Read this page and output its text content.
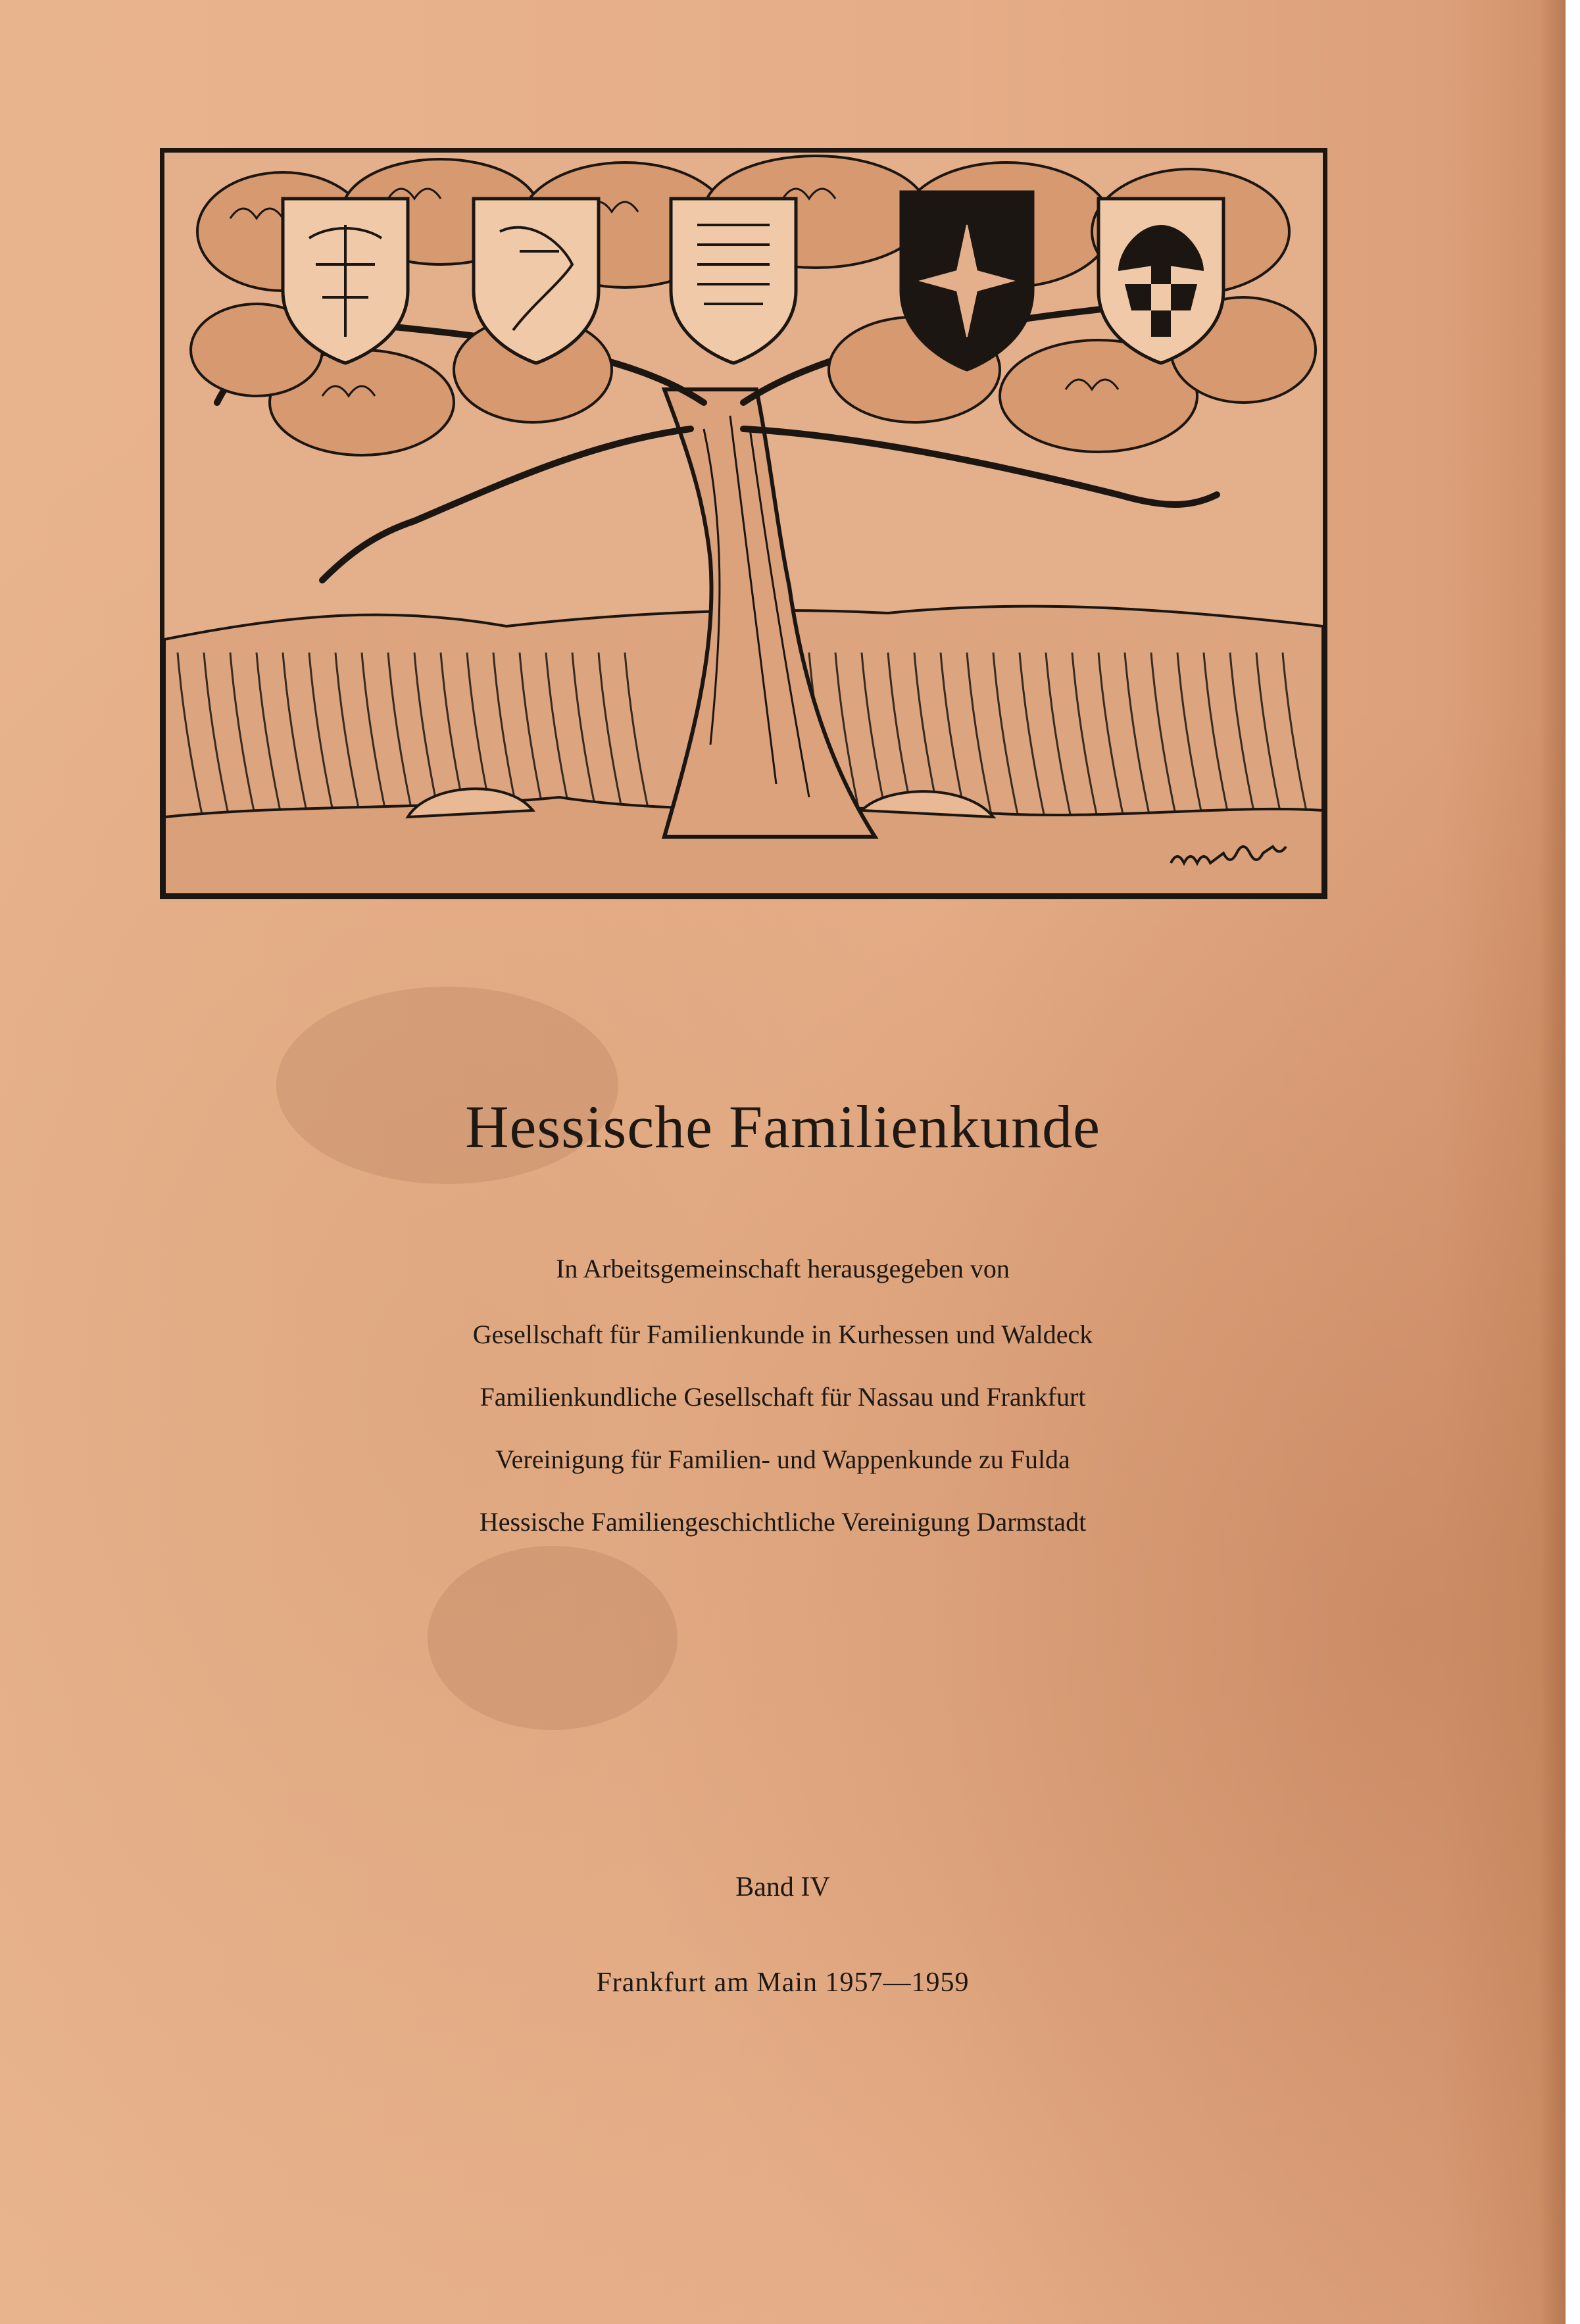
Hessische Familienkunde
In Arbeitsgemeinschaft herausgegeben von
Gesellschaft für Familienkunde in Kurhessen und Waldeck
Familienkundliche Gesellschaft für Nassau und Frankfurt
Vereinigung für Familien- und Wappenkunde zu Fulda
Hessische Familiengeschichtliche Vereinigung Darmstadt
Band IV
Frankfurt am Main 1957—1959
